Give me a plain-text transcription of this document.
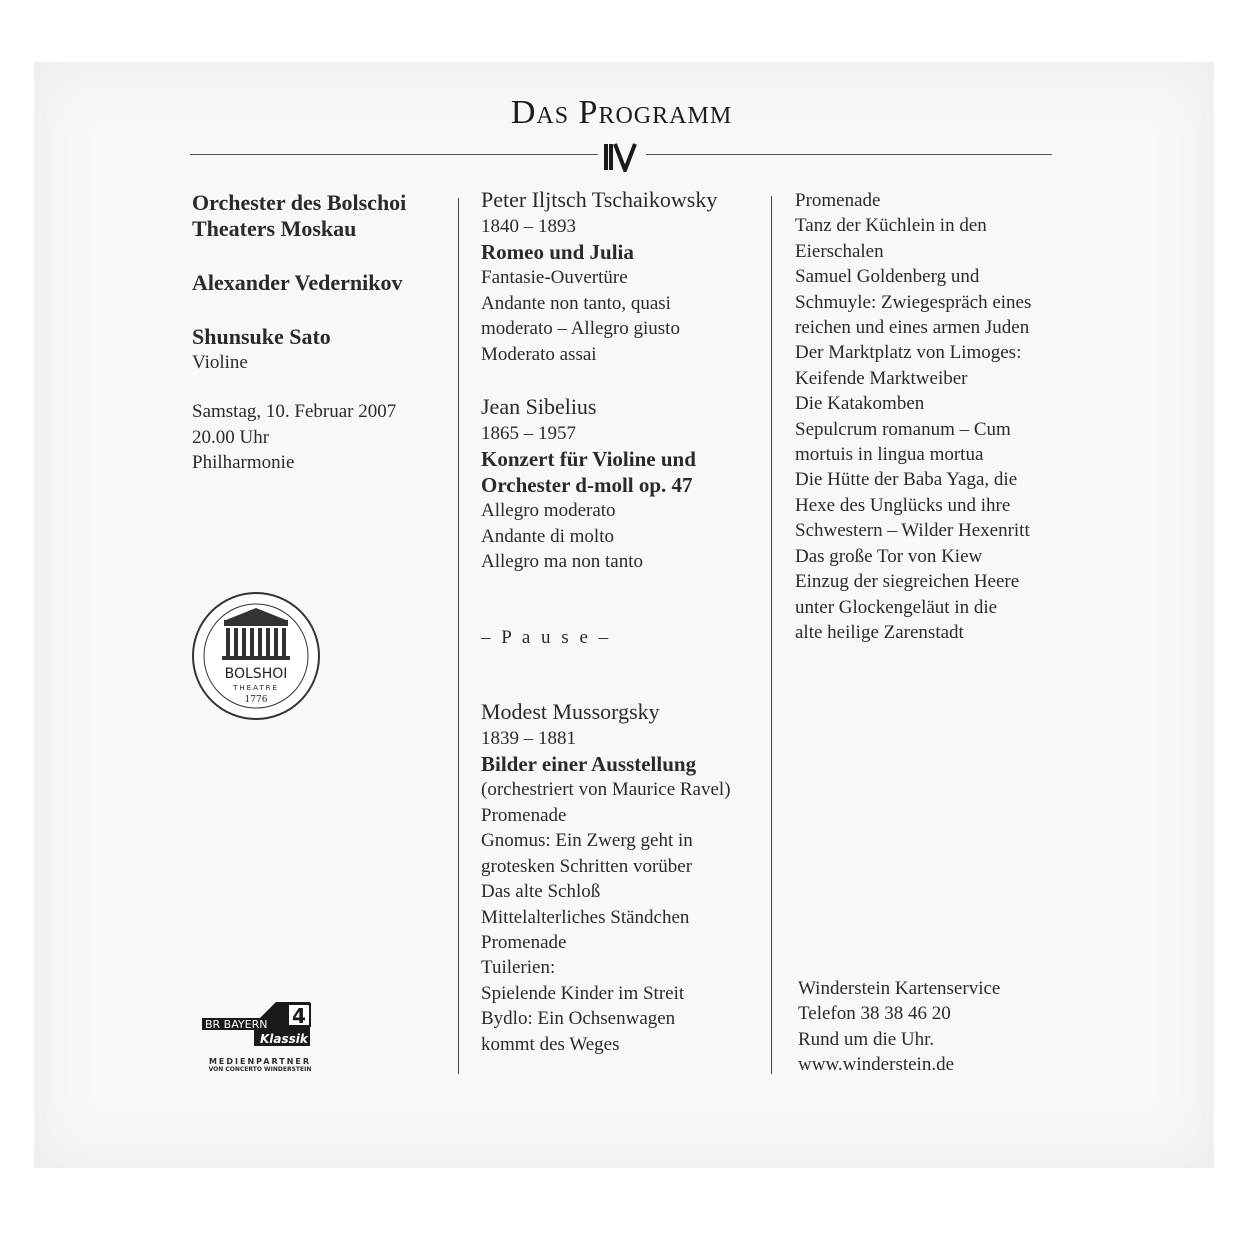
Das Programm
Orchester des Bolschoi
Theaters Moskau
Alexander Vedernikov
Shunsuke Sato
Violine
Samstag, 10. Februar 2007
20.00 Uhr
Philharmonie
BOLSHOI
THEATRE
1776
4
BR BAYERN
Klassik
MEDIENPARTNER
VON CONCERTO WINDERSTEIN
Peter Iljtsch Tschaikowsky
1840 – 1893
Romeo und Julia
Fantasie-Ouvertüre
Andante non tanto, quasi
moderato – Allegro giusto
Moderato assai
Jean Sibelius
1865 – 1957
Konzert für Violine und
Orchester d-moll op. 47
Allegro moderato
Andante di molto
Allegro ma non tanto
– P a u s e –
Modest Mussorgsky
1839 – 1881
Bilder einer Ausstellung
(orchestriert von Maurice Ravel)
Promenade
Gnomus: Ein Zwerg geht in
grotesken Schritten vorüber
Das alte Schloß
Mittelalterliches Ständchen
Promenade
Tuilerien:
Spielende Kinder im Streit
Bydlo: Ein Ochsenwagen
kommt des Weges
Promenade
Tanz der Küchlein in den
Eierschalen
Samuel Goldenberg und
Schmuyle: Zwiegespräch eines
reichen und eines armen Juden
Der Marktplatz von Limoges:
Keifende Marktweiber
Die Katakomben
Sepulcrum romanum – Cum
mortuis in lingua mortua
Die Hütte der Baba Yaga, die
Hexe des Unglücks und ihre
Schwestern – Wilder Hexenritt
Das große Tor von Kiew
Einzug der siegreichen Heere
unter Glockengeläut in die
alte heilige Zarenstadt
Winderstein Kartenservice
Telefon 38 38 46 20
Rund um die Uhr.
www.winderstein.de
